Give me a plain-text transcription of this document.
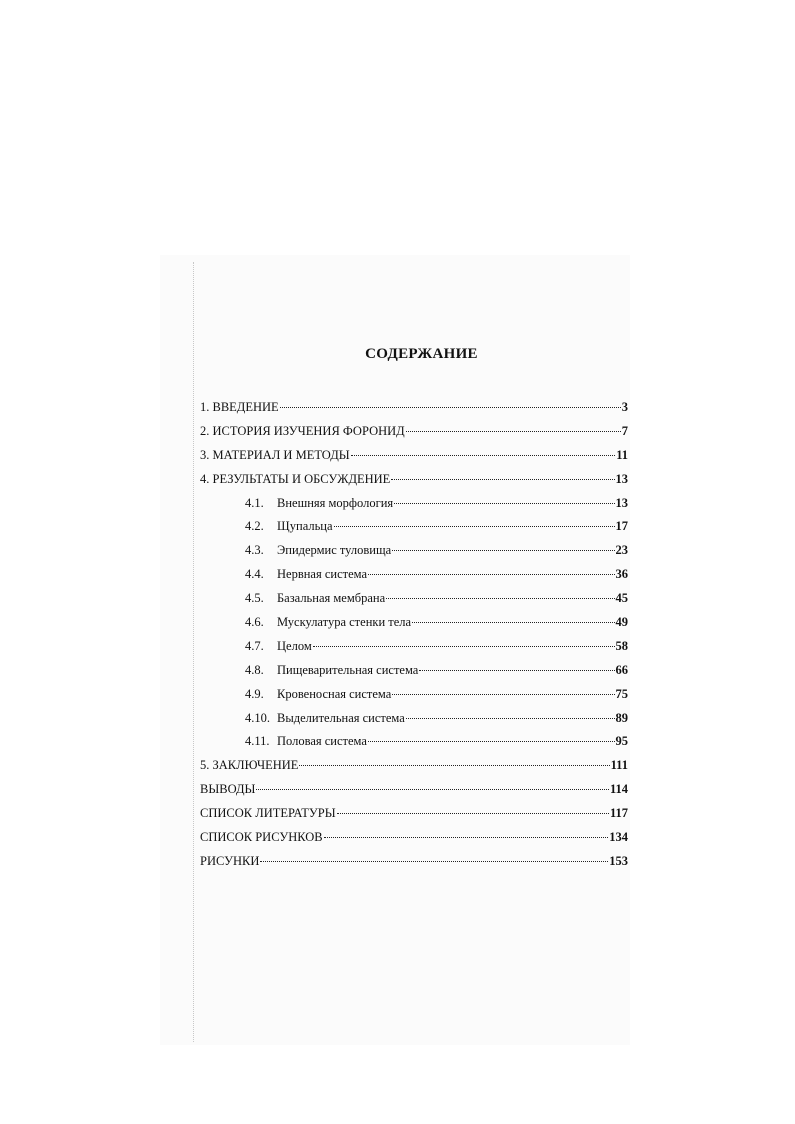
СОДЕРЖАНИЕ
1. ВВЕДЕНИЕ	3
2. ИСТОРИЯ ИЗУЧЕНИЯ ФОРОНИД	7
3. МАТЕРИАЛ И МЕТОДЫ	11
4. РЕЗУЛЬТАТЫ И ОБСУЖДЕНИЕ	13
4.1.	Внешняя морфология	13
4.2.	Щупальца	17
4.3.	Эпидермис туловища	23
4.4.	Нервная система	36
4.5.	Базальная мембрана	45
4.6.	Мускулатура стенки тела	49
4.7.	Целом	58
4.8.	Пищеварительная система	66
4.9.	Кровеносная система	75
4.10. Выделительная система	89
4.11. Половая система	95
5. ЗАКЛЮЧЕНИЕ	111
ВЫВОДЫ	114
СПИСОК ЛИТЕРАТУРЫ	117
СПИСОК РИСУНКОВ	134
РИСУНКИ	153
